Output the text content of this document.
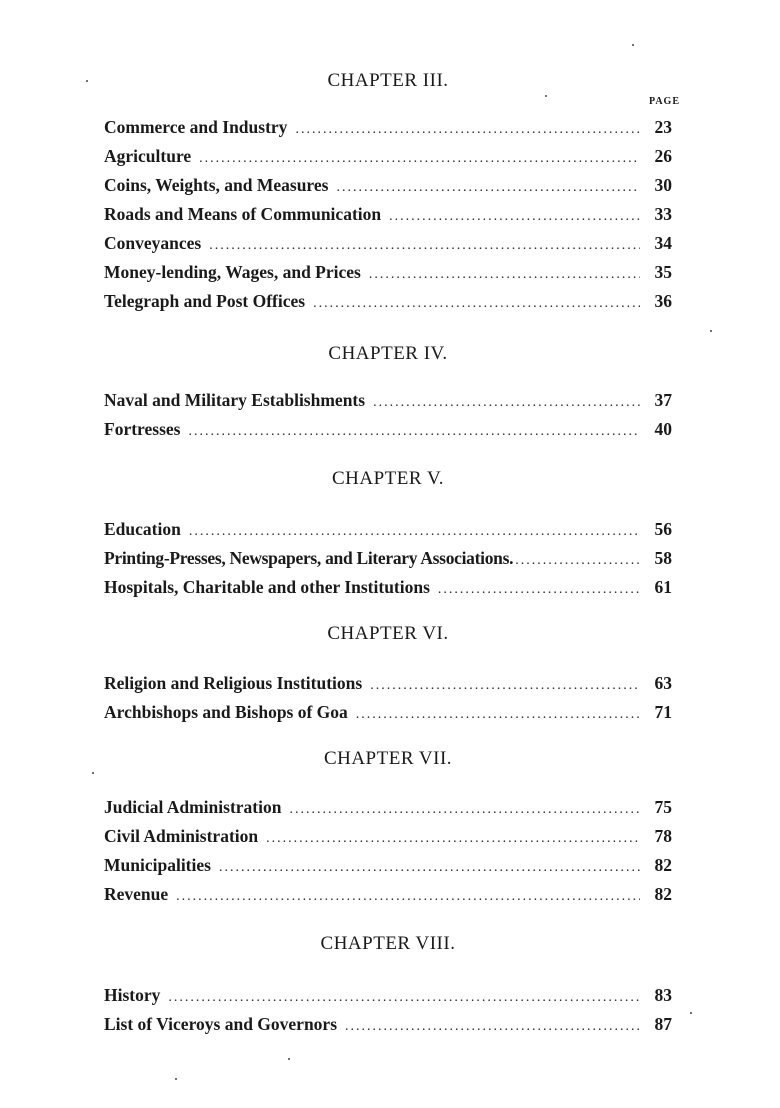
CHAPTER III.
PAGE
Commerce and Industry .....	23
Agriculture .....	26
Coins, Weights, and Measures .....	30
Roads and Means of Communication .....	33
Conveyances .....	34
Money-lending, Wages, and Prices .....	35
Telegraph and Post Offices .....	36
CHAPTER IV.
Naval and Military Establishments .....	37
Fortresses .....	40
CHAPTER V.
Education .....	56
Printing-Presses, Newspapers, and Literary Associations. .....	58
Hospitals, Charitable and other Institutions .....	61
CHAPTER VI.
Religion and Religious Institutions .....	63
Archbishops and Bishops of Goa .....	71
CHAPTER VII.
Judicial Administration .....	75
Civil Administration .....	78
Municipalities .....	82
Revenue .....	82
CHAPTER VIII.
History .....	83
List of Viceroys and Governors .....	87
